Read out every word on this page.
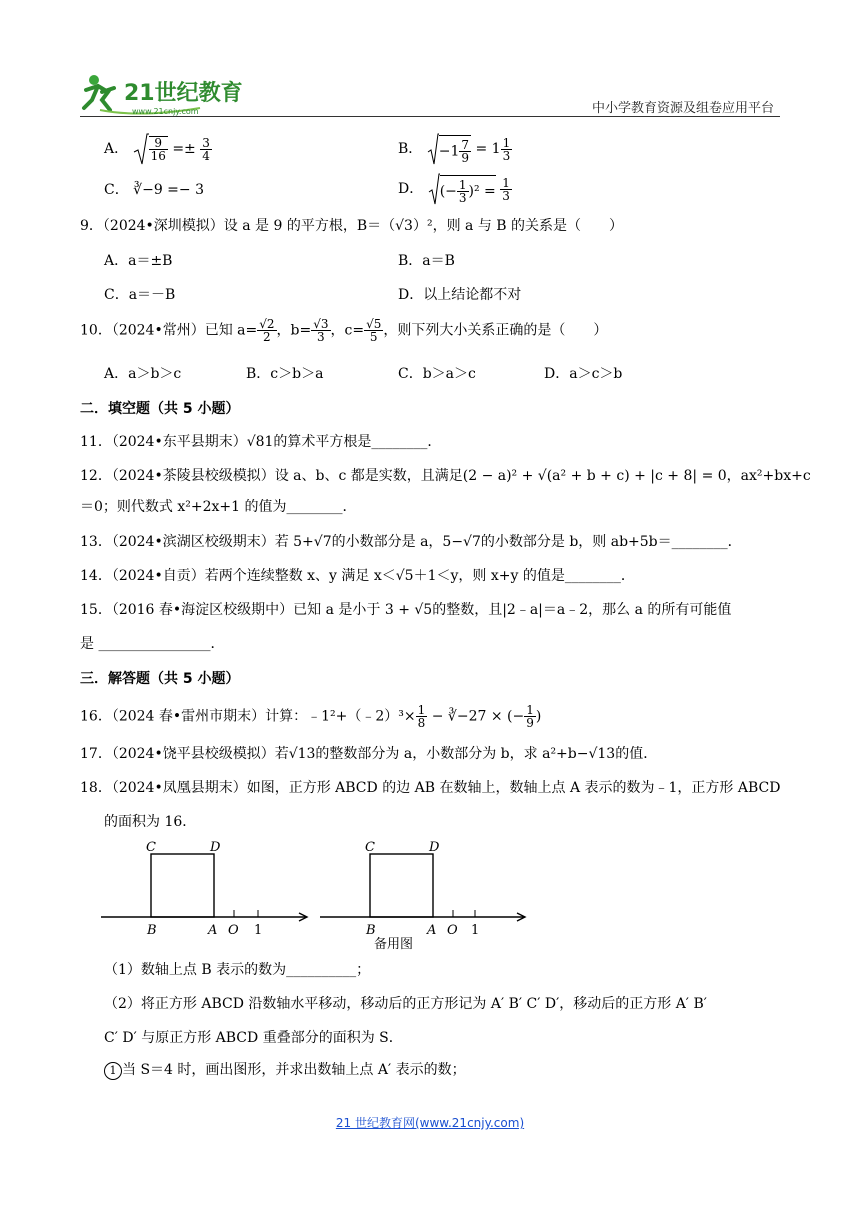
21世纪教育
www.21cnjy.com	中小学教育资源及组卷应用平台
A． $\frac{9}{16} =\pm \frac{3}{4}$	B． $-1 \frac{7}{9} = 1 \frac{1}{3}$
C． ∛−9 =− 3	D． (− $\frac{1}{3} )^2 = \frac{1}{3}$
9．（2024•深圳模拟）设 a 是 9 的平方根，B＝（√3）²，则 a 与 B 的关系是（　　）
A．a＝±B	B．a＝B
C．a＝－B	D．以上结论都不对
10．（2024•常州）已知 $a= \frac{√2}{2}$ ，$b= \frac{√3}{3}$ ，$c= \frac{√5}{5}$ ，则下列大小关系正确的是（　　）
A．a＞b＞c	B．c＞b＞a	C．b＞a＞c	D．a＞c＞b
二．填空题（共 5 小题）
11．（2024•东平县期末）√81的算术平方根是________．
12．（2024•茶陵县校级模拟）设 a、b、c 都是实数，且满足(2 − a)² + √(a² + b + c) + |c + 8| = 0，ax²+bx+c
＝0；则代数式 x²+2x+1 的值为________．
13．（2024•滨湖区校级期末）若 5+√7的小数部分是 a，5−√7的小数部分是 b，则 ab+5b＝________．
14．（2024•自贡）若两个连续整数 x、y 满足 x＜√5＋1＜y，则 x+y 的值是________．
15．（2016 春•海淀区校级期中）已知 a 是小于 3 + √5的整数，且|2﹣a|＝a﹣2，那么 a 的所有可能值
是 ________________．
三．解答题（共 5 小题）
16．（2024 春•雷州市期末）计算：﹣1²+（﹣2）³× $\frac{1}{8}$ − ∛−27 × (− $\frac{1}{9}$ )
17．（2024•饶平县校级模拟）若√13的整数部分为 a，小数部分为 b，求 a²+b−√13的值．
18．（2024•凤凰县期末）如图，正方形 ABCD 的边 AB 在数轴上，数轴上点 A 表示的数为﹣1，正方形 ABCD
的面积为 16．
C	D
B	A O 1
C	D
B	A O 1
备用图
（1）数轴上点 B 表示的数为__________；
（2）将正方形 ABCD 沿数轴水平移动，移动后的正方形记为 A′ B′ C′ D′，移动后的正方形 A′ B′
C′ D′ 与原正方形 ABCD 重叠部分的面积为 S．
1 当 S＝4 时，画出图形，并求出数轴上点 A′ 表示的数；
21 世纪教育网(www.21cnjy.com)
